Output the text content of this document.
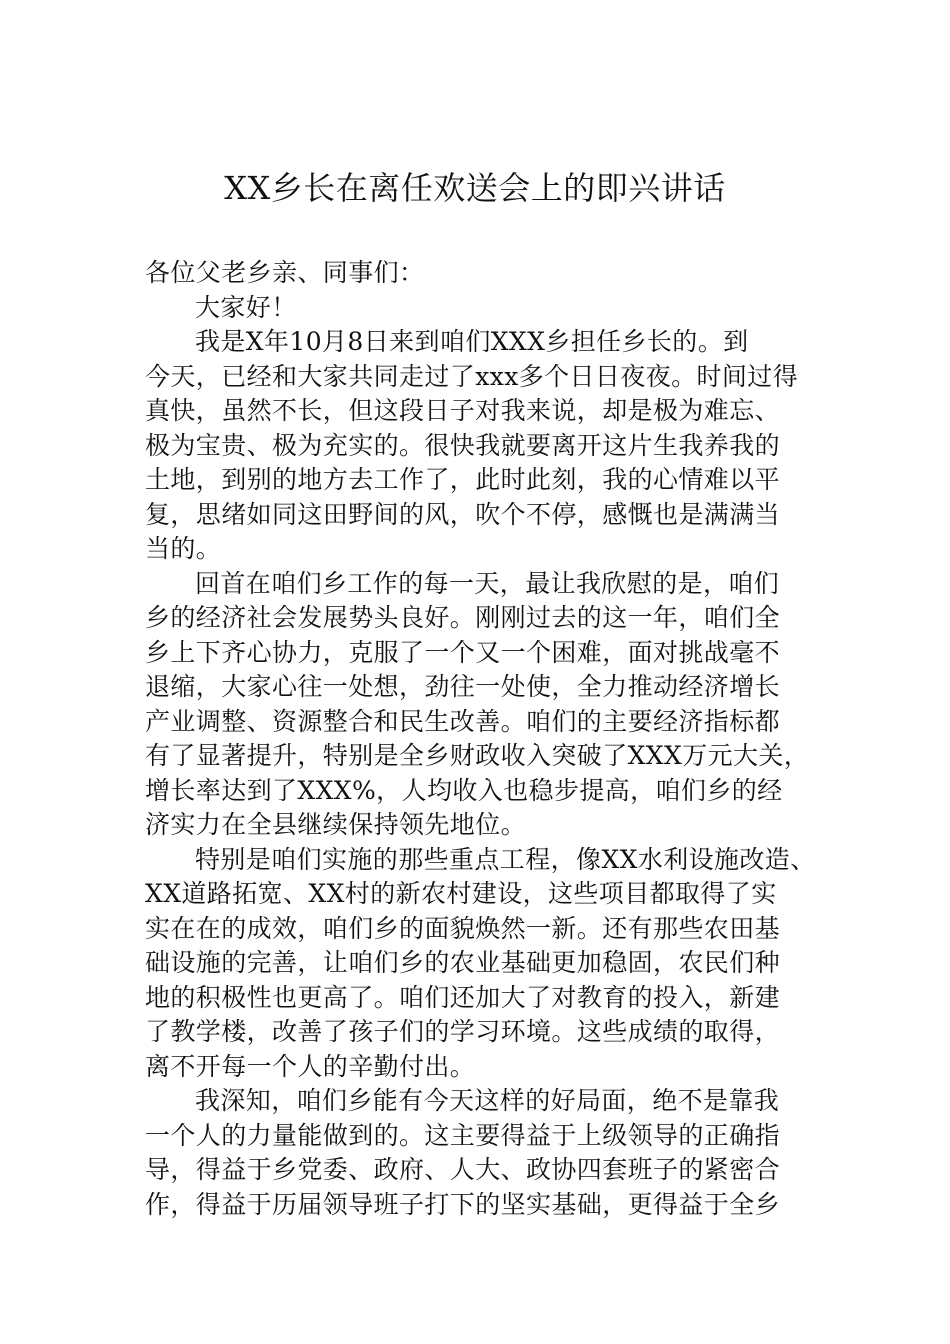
XX乡长在离任欢送会上的即兴讲话
各位父老乡亲、同事们：
大家好！
我是X年10月8日来到咱们XXX乡担任乡长的。到
今天，已经和大家共同走过了xxx多个日日夜夜。时间过得
真快，虽然不长，但这段日子对我来说，却是极为难忘、
极为宝贵、极为充实的。很快我就要离开这片生我养我的
土地，到别的地方去工作了，此时此刻，我的心情难以平
复，思绪如同这田野间的风，吹个不停，感慨也是满满当
当的。
回首在咱们乡工作的每一天，最让我欣慰的是，咱们
乡的经济社会发展势头良好。刚刚过去的这一年，咱们全
乡上下齐心协力，克服了一个又一个困难，面对挑战毫不
退缩，大家心往一处想，劲往一处使，全力推动经济增长
产业调整、资源整合和民生改善。咱们的主要经济指标都
有了显著提升，特别是全乡财政收入突破了XXX万元大关，
增长率达到了XXX%，人均收入也稳步提高，咱们乡的经
济实力在全县继续保持领先地位。
特别是咱们实施的那些重点工程，像XX水利设施改造、
XX道路拓宽、XX村的新农村建设，这些项目都取得了实
实在在的成效，咱们乡的面貌焕然一新。还有那些农田基
础设施的完善，让咱们乡的农业基础更加稳固，农民们种
地的积极性也更高了。咱们还加大了对教育的投入，新建
了教学楼，改善了孩子们的学习环境。这些成绩的取得，
离不开每一个人的辛勤付出。
我深知，咱们乡能有今天这样的好局面，绝不是靠我
一个人的力量能做到的。这主要得益于上级领导的正确指
导，得益于乡党委、政府、人大、政协四套班子的紧密合
作，得益于历届领导班子打下的坚实基础，更得益于全乡
